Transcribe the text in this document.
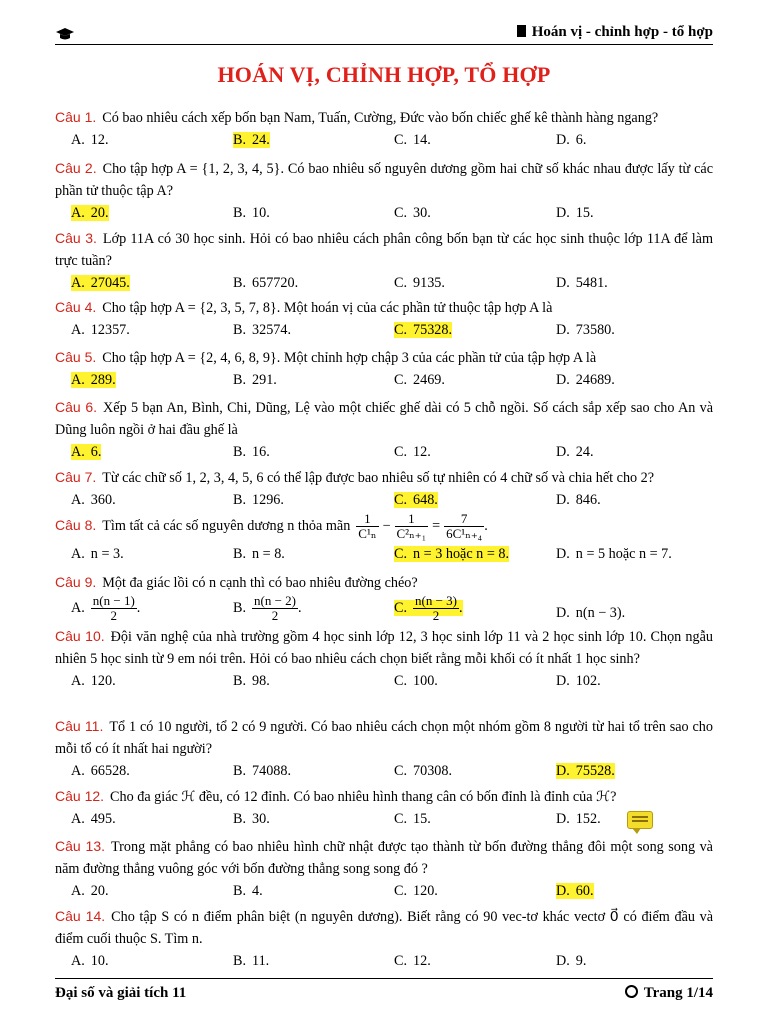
Hoán vị - chỉnh hợp - tổ hợp
HOÁN VỊ, CHỈNH HỢP, TỔ HỢP
Câu 1. Có bao nhiêu cách xếp bốn bạn Nam, Tuấn, Cường, Đức vào bốn chiếc ghế kê thành hàng ngang?
A. 12.	B. 24.	C. 14.	D. 6.
Câu 2. Cho tập hợp A = {1, 2, 3, 4, 5}. Có bao nhiêu số nguyên dương gồm hai chữ số khác nhau được lấy từ các phần tử thuộc tập A?
A. 20.	B. 10.	C. 30.	D. 15.
Câu 3. Lớp 11A có 30 học sinh. Hỏi có bao nhiêu cách phân công bốn bạn từ các học sinh thuộc lớp 11A để làm trực tuần?
A. 27045.	B. 657720.	C. 9135.	D. 5481.
Câu 4. Cho tập hợp A = {2, 3, 5, 7, 8}. Một hoán vị của các phần tử thuộc tập hợp A là
A. 12357.	B. 32574.	C. 75328.	D. 73580.
Câu 5. Cho tập hợp A = {2, 4, 6, 8, 9}. Một chỉnh hợp chập 3 của các phần tử của tập hợp A là
A. 289.	B. 291.	C. 2469.	D. 24689.
Câu 6. Xếp 5 bạn An, Bình, Chi, Dũng, Lệ vào một chiếc ghế dài có 5 chỗ ngồi. Số cách sắp xếp sao cho An và Dũng luôn ngồi ở hai đầu ghế là
A. 6.	B. 16.	C. 12.	D. 24.
Câu 7. Từ các chữ số 1, 2, 3, 4, 5, 6 có thể lập được bao nhiêu số tự nhiên có 4 chữ số và chia hết cho 2?
A. 360.	B. 1296.	C. 648.	D. 846.
Câu 8. Tìm tất cả các số nguyên dương n thỏa mãn $\frac{1}{\text{C¹ₙ}} - \frac{1}{\text{C²ₙ₊₁}} = \frac{7}{\text{6C¹ₙ₊₄}}$ .
A. n = 3.	B. n = 8.	C. n = 3 hoặc n = 8.	D. n = 5 hoặc n = 7.
Câu 9. Một đa giác lồi có n cạnh thì có bao nhiêu đường chéo?
A. $\frac{n(n - 1)}{2}$ .	B. $\frac{n(n - 2)}{2}$ .	C. $\frac{n(n - 3)}{2}$ .	D. n(n − 3).
Câu 10. Đội văn nghệ của nhà trường gồm 4 học sinh lớp 12, 3 học sinh lớp 11 và 2 học sinh lớp 10. Chọn ngẫu nhiên 5 học sinh từ 9 em nói trên. Hỏi có bao nhiêu cách chọn biết rằng mỗi khối có ít nhất 1 học sinh?
A. 120.	B. 98.	C. 100.	D. 102.
Câu 11. Tổ 1 có 10 người, tổ 2 có 9 người. Có bao nhiêu cách chọn một nhóm gồm 8 người từ hai tổ trên sao cho mỗi tổ có ít nhất hai người?
A. 66528.	B. 74088.	C. 70308.	D. 75528.
Câu 12. Cho đa giác ℋ đều, có 12 đỉnh. Có bao nhiêu hình thang cân có bốn đỉnh là đỉnh của ℋ?
A. 495.	B. 30.	C. 15.	D. 152.
Câu 13. Trong mặt phẳng có bao nhiêu hình chữ nhật được tạo thành từ bốn đường thẳng đôi một song song và năm đường thẳng vuông góc với bốn đường thẳng song song đó ?
A. 20.	B. 4.	C. 120.	D. 60.
Câu 14. Cho tập S có n điểm phân biệt (n nguyên dương). Biết rằng có 90 vec-tơ khác vectơ 0⃗ có điểm đầu và điểm cuối thuộc S. Tìm n.
A. 10.	B. 11.	C. 12.	D. 9.
Đại số và giải tích 11	Trang 1/14
